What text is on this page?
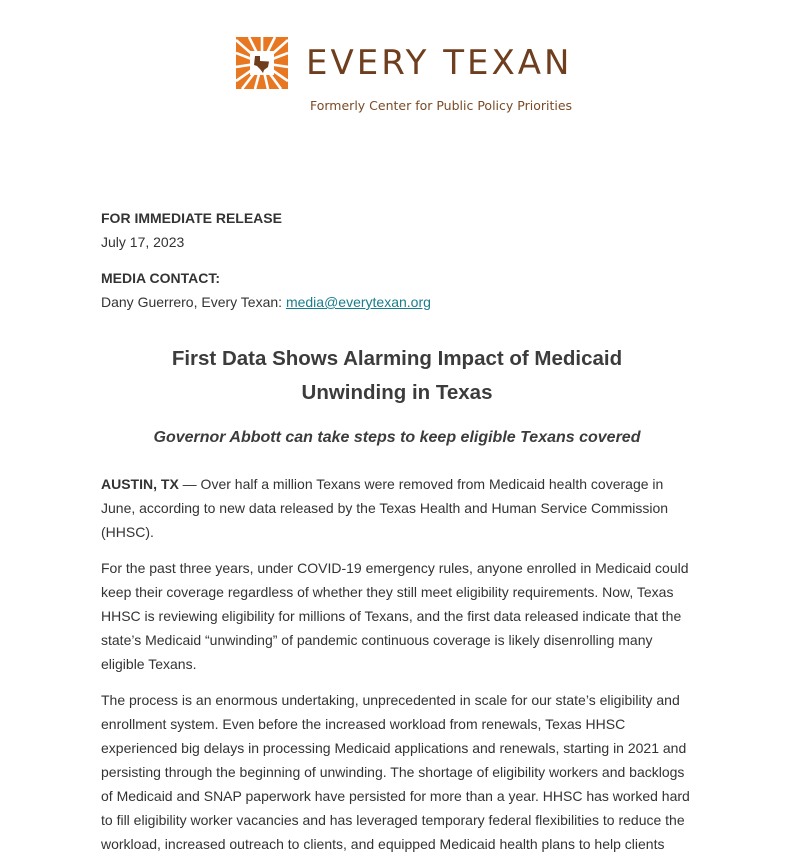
EVERY TEXAN
Formerly Center for Public Policy Priorities
FOR IMMEDIATE RELEASE
July 17, 2023
MEDIA CONTACT:
Dany Guerrero, Every Texan: media@everytexan.org
First Data Shows Alarming Impact of Medicaid
Unwinding in Texas
Governor Abbott can take steps to keep eligible Texans covered

AUSTIN, TX — Over half a million Texans were removed from Medicaid health coverage in
June, according to new data released by the Texas Health and Human Service Commission
(HHSC).

For the past three years, under COVID-19 emergency rules, anyone enrolled in Medicaid could
keep their coverage regardless of whether they still meet eligibility requirements. Now, Texas
HHSC is reviewing eligibility for millions of Texans, and the first data released indicate that the
state’s Medicaid “unwinding” of pandemic continuous coverage is likely disenrolling many
eligible Texans.

The process is an enormous undertaking, unprecedented in scale for our state’s eligibility and
enrollment system. Even before the increased workload from renewals, Texas HHSC
experienced big delays in processing Medicaid applications and renewals, starting in 2021 and
persisting through the beginning of unwinding. The shortage of eligibility workers and backlogs
of Medicaid and SNAP paperwork have persisted for more than a year. HHSC has worked hard
to fill eligibility worker vacancies and has leveraged temporary federal flexibilities to reduce the
workload, increased outreach to clients, and equipped Medicaid health plans to help clients
